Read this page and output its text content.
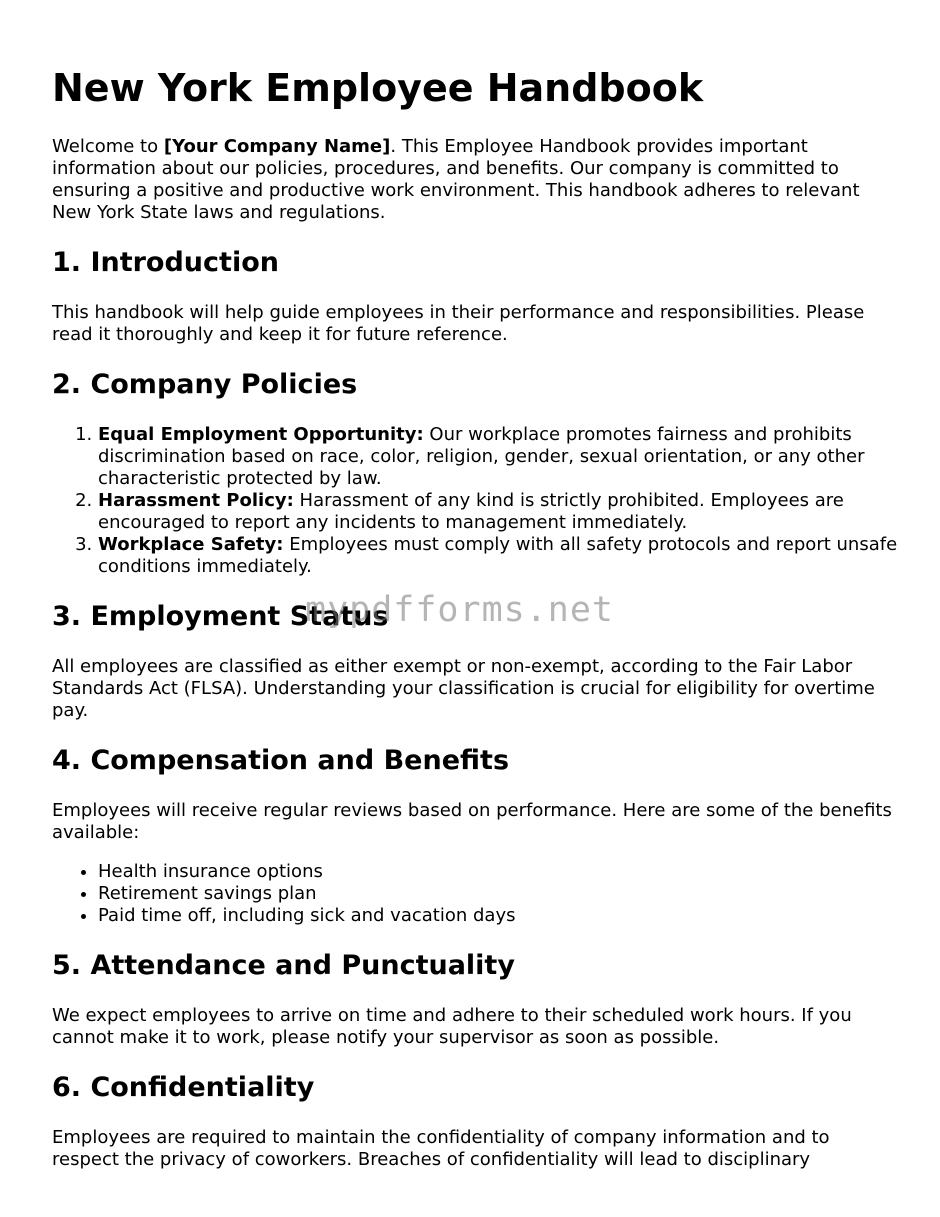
New York Employee Handbook

Welcome to [Your Company Name]. This Employee Handbook provides important information about our policies, procedures, and benefits. Our company is committed to ensuring a positive and productive work environment. This handbook adheres to relevant New York State laws and regulations.

1. Introduction

This handbook will help guide employees in their performance and responsibilities. Please read it thoroughly and keep it for future reference.

2. Company Policies
1. Equal Employment Opportunity: Our workplace promotes fairness and prohibits discrimination based on race, color, religion, gender, sexual orientation, or any other characteristic protected by law.
2. Harassment Policy: Harassment of any kind is strictly prohibited. Employees are encouraged to report any incidents to management immediately.
3. Workplace Safety: Employees must comply with all safety protocols and report unsafe conditions immediately.
3. Employment Status

All employees are classified as either exempt or non-exempt, according to the Fair Labor Standards Act (FLSA). Understanding your classification is crucial for eligibility for overtime pay.

4. Compensation and Benefits

Employees will receive regular reviews based on performance. Here are some of the benefits available:

• Health insurance options
• Retirement savings plan
• Paid time off, including sick and vacation days
5. Attendance and Punctuality

We expect employees to arrive on time and adhere to their scheduled work hours. If you cannot make it to work, please notify your supervisor as soon as possible.

6. Confidentiality

Employees are required to maintain the confidentiality of company information and to respect the privacy of coworkers. Breaches of confidentiality will lead to disciplinary

mypdfforms.net
